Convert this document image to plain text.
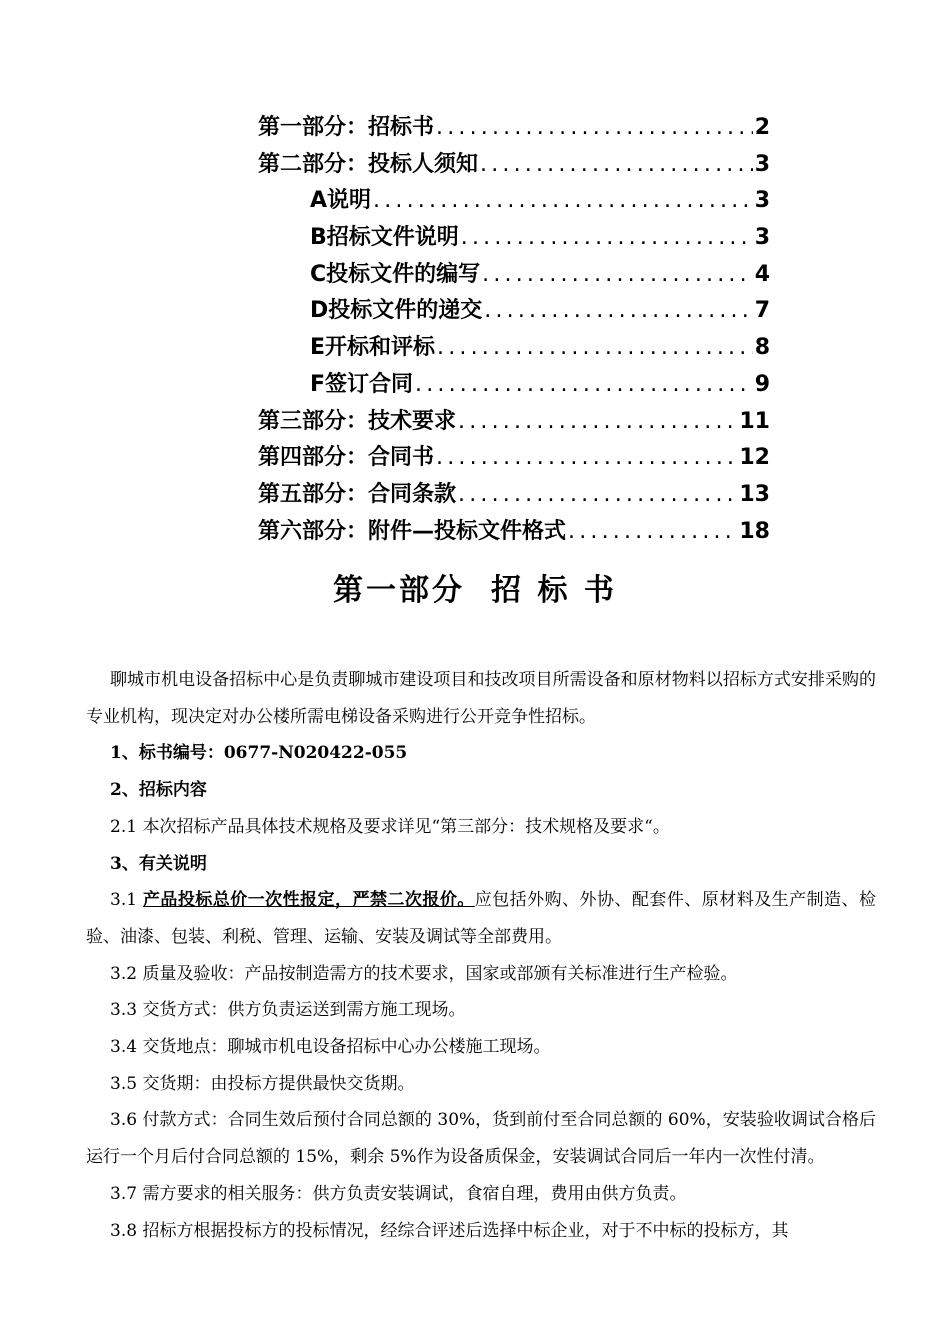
第一部分：招标书 .....	2
第二部分：投标人须知 .....	3
A说明 .....	3
B招标文件说明 .....	3
C投标文件的编写 .....	4
D投标文件的递交 .....	7
E开标和评标 .....	8
F签订合同 .....	9
第三部分：技术要求 .....	11
第四部分：合同书 .....	12
第五部分：合同条款 .....	13
第六部分：附件—投标文件格式 .....	18
第一部分 招 标 书

聊城市机电设备招标中心是负责聊城市建设项目和技改项目所需设备和原材物料以招标方式安排采购的专业机构，现决定对办公楼所需电梯设备采购进行公开竞争性招标。

1、标书编号：0677-N020422-055

2、招标内容

2.1 本次招标产品具体技术规格及要求详见“第三部分：技术规格及要求“。

3、有关说明

3.1 产品投标总价一次性报定，严禁二次报价。应包括外购、外协、配套件、原材料及生产制造、检验、油漆、包装、利税、管理、运输、安装及调试等全部费用。

3.2 质量及验收：产品按制造需方的技术要求，国家或部颁有关标准进行生产检验。

3.3 交货方式：供方负责运送到需方施工现场。

3.4 交货地点：聊城市机电设备招标中心办公楼施工现场。

3.5 交货期：由投标方提供最快交货期。

3.6 付款方式：合同生效后预付合同总额的 30%，货到前付至合同总额的 60%，安装验收调试合格后运行一个月后付合同总额的 15%，剩余 5%作为设备质保金，安装调试合同后一年内一次性付清。

3.7 需方要求的相关服务：供方负责安装调试，食宿自理，费用由供方负责。

3.8 招标方根据投标方的投标情况，经综合评述后选择中标企业，对于不中标的投标方，其
